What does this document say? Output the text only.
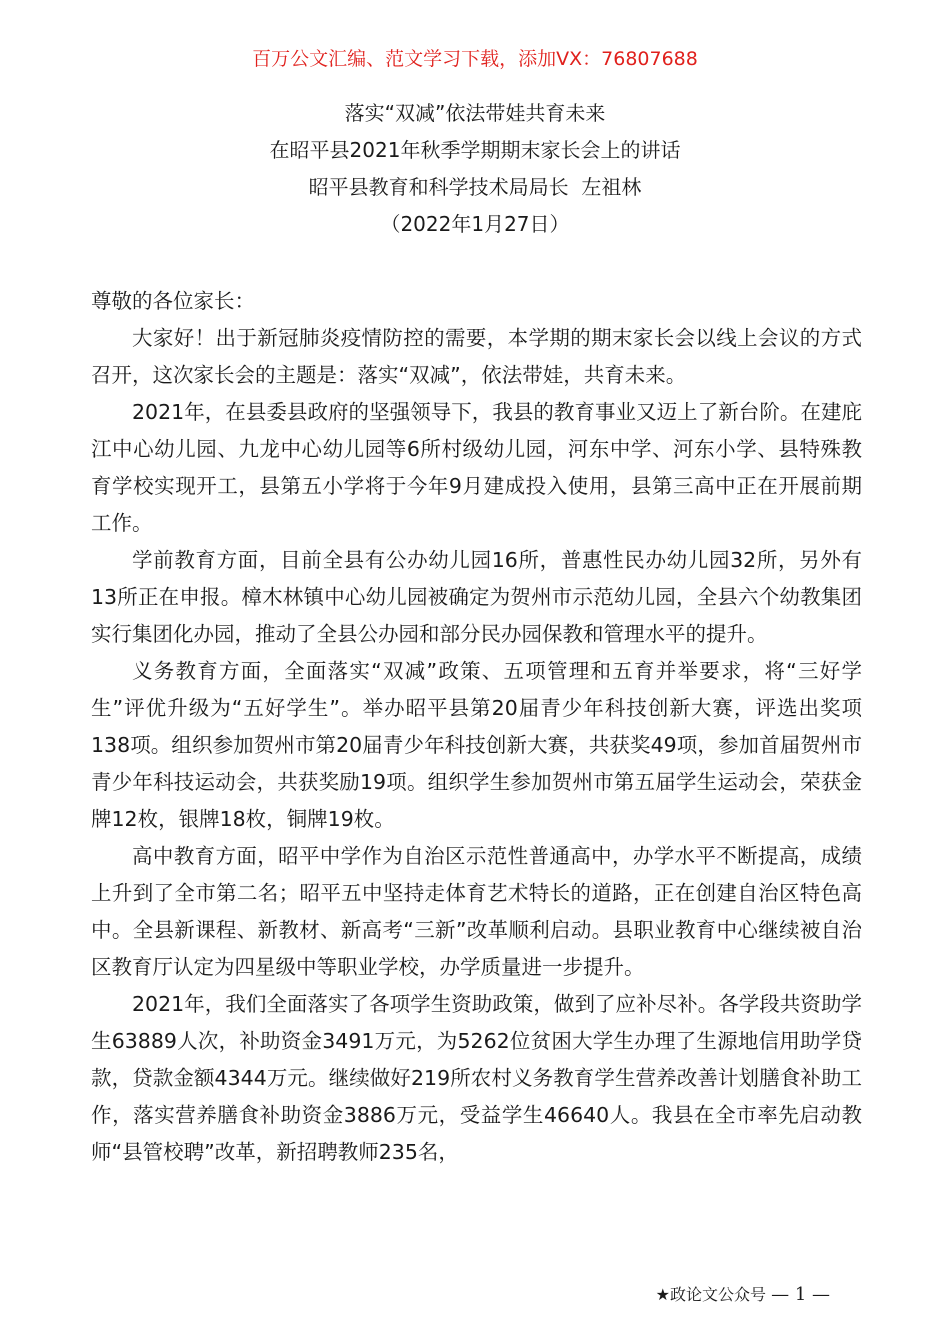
百万公文汇编、范文学习下载，添加VX：76807688
落实“双减”依法带娃共育未来
在昭平县2021年秋季学期期末家长会上的讲话
昭平县教育和科学技术局局长  左祖林
（2022年1月27日）

尊敬的各位家长：

大家好！出于新冠肺炎疫情防控的需要，本学期的期末家长会以线上会议的方式召开，这次家长会的主题是：落实“双减”，依法带娃，共育未来。

2021年，在县委县政府的坚强领导下，我县的教育事业又迈上了新台阶。在建庇江中心幼儿园、九龙中心幼儿园等6所村级幼儿园，河东中学、河东小学、县特殊教育学校实现开工，县第五小学将于今年9月建成投入使用，县第三高中正在开展前期工作。

学前教育方面，目前全县有公办幼儿园16所，普惠性民办幼儿园32所，另外有13所正在申报。樟木林镇中心幼儿园被确定为贺州市示范幼儿园，全县六个幼教集团实行集团化办园，推动了全县公办园和部分民办园保教和管理水平的提升。

义务教育方面，全面落实“双减”政策、五项管理和五育并举要求，将“三好学生”评优升级为“五好学生”。举办昭平县第20届青少年科技创新大赛，评选出奖项138项。组织参加贺州市第20届青少年科技创新大赛，共获奖49项，参加首届贺州市青少年科技运动会，共获奖励19项。组织学生参加贺州市第五届学生运动会，荣获金牌12枚，银牌18枚，铜牌19枚。

高中教育方面，昭平中学作为自治区示范性普通高中，办学水平不断提高，成绩上升到了全市第二名；昭平五中坚持走体育艺术特长的道路，正在创建自治区特色高中。全县新课程、新教材、新高考“三新”改革顺利启动。县职业教育中心继续被自治区教育厅认定为四星级中等职业学校，办学质量进一步提升。

2021年，我们全面落实了各项学生资助政策，做到了应补尽补。各学段共资助学生63889人次，补助资金3491万元，为5262位贫困大学生办理了生源地信用助学贷款，贷款金额4344万元。继续做好219所农村义务教育学生营养改善计划膳食补助工作，落实营养膳食补助资金3886万元，受益学生46640人。我县在全市率先启动教师“县管校聘”改革，新招聘教师235名，

★政论文公众号 — 1 —
